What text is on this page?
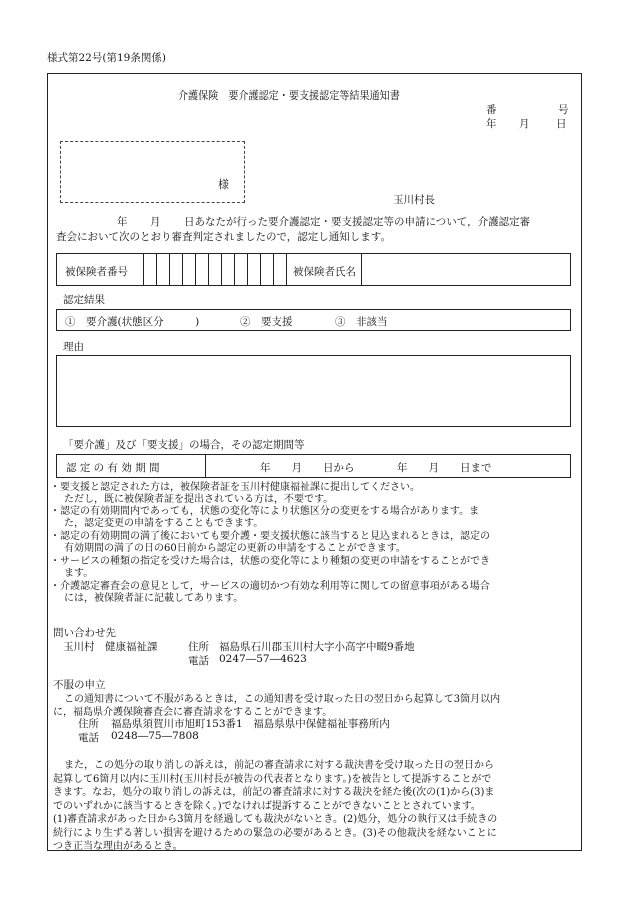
様式第22号(第19条関係)
介護保険　要介護認定・要支援認定等結果通知書
番	号
年 月	日
様
玉川村長
年 月 日あなたが行った要介護認定・要支援認定等の申請について，介護認定審
査会において次のとおり審査判定されましたので，認定し通知します。
被保険者番号	被保険者氏名
認定結果
①　要介護(状態区分　　　)	②　要支援	③　非該当
理由
「要介護」及び「要支援」の場合，その認定期間等
認 定 の 有 効 期 間	年　　月　　日から	年　　月　　日まで
・要支援と認定された方は，被保険者証を玉川村健康福祉課に提出してください。
ただし，既に被保険者証を提出されている方は，不要です。
・認定の有効期間内であっても，状態の変化等により状態区分の変更をする場合があります。ま
た，認定変更の申請をすることもできます。
・認定の有効期間の満了後においても要介護・要支援状態に該当すると見込まれるときは，認定の
有効期間の満了の日の60日前から認定の更新の申請をすることができます。
・サービスの種類の指定を受けた場合は，状態の変化等により種類の変更の申請をすることができ
ます。
・介護認定審査会の意見として，サービスの適切かつ有効な利用等に関しての留意事項がある場合
には，被保険者証に記載してあります。
問い合わせ先
玉川村　健康福祉課	住所 福島県石川郡玉川村大字小高字中畷9番地
電話 0247―57―4623
不服の申立
この通知書について不服があるときは，この通知書を受け取った日の翌日から起算して3箇月以内
に，福島県介護保険審査会に審査請求をすることができます。
住所 福島県須賀川市旭町153番1　福島県県中保健福祉事務所内
電話 0248―75―7808
また，この処分の取り消しの訴えは，前記の審査請求に対する裁決書を受け取った日の翌日から
起算して6箇月以内に玉川村(玉川村長が被告の代表者となります。)を被告として提訴することがで
きます。なお，処分の取り消しの訴えは，前記の審査請求に対する裁決を経た後(次の(1)から(3)ま
でのいずれかに該当するときを除く。)でなければ提訴することができないこととされています。
(1)審査請求があった日から3箇月を経過しても裁決がないとき。(2)処分，処分の執行又は手続きの
続行により生ずる著しい損害を避けるための緊急の必要があるとき。(3)その他裁決を経ないことに
つき正当な理由があるとき。
